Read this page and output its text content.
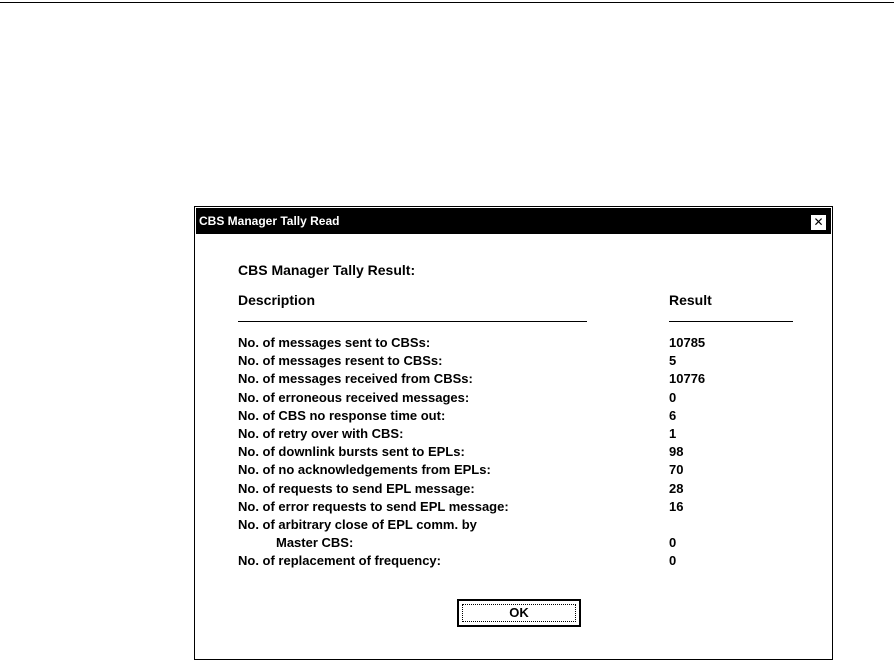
CBS Manager Tally Read	✕
CBS Manager Tally Result:
Description	Result
No. of messages sent to CBSs:	10785
No. of messages resent to CBSs:	5
No. of messages received from CBSs:	10776
No. of erroneous received messages:	0
No. of CBS no response time out:	6
No. of retry over with CBS:	1
No. of downlink bursts sent to EPLs:	98
No. of no acknowledgements from EPLs:	70
No. of requests to send EPL message:	28
No. of error requests to send EPL message:	16
No. of arbitrary close of EPL comm. by
Master CBS:	0
No. of replacement of frequency:	0
OK
